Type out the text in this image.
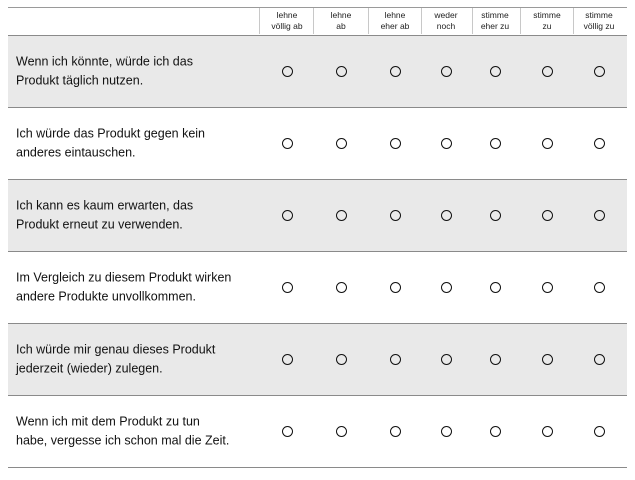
lehne
völlig ab
lehne
ab
lehne
eher ab
weder
noch
stimme
eher zu
stimme
zu
stimme
völlig zu
Wenn ich könnte, würde ich das
Produkt täglich nutzen.
Ich würde das Produkt gegen kein
anderes eintauschen.
Ich kann es kaum erwarten, das
Produkt erneut zu verwenden.
Im Vergleich zu diesem Produkt wirken
andere Produkte unvollkommen.
Ich würde mir genau dieses Produkt
jederzeit (wieder) zulegen.
Wenn ich mit dem Produkt zu tun
habe, vergesse ich schon mal die Zeit.
